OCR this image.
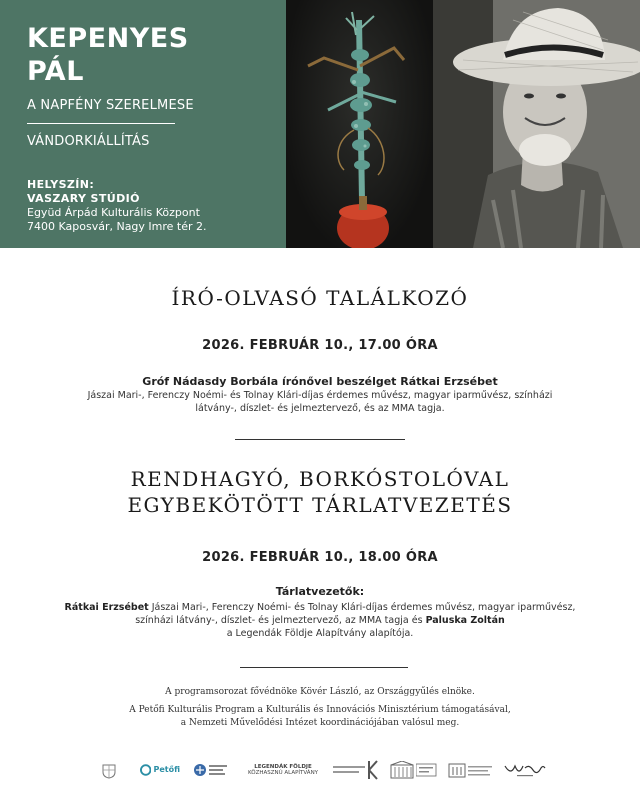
KEPENYES
PÁL
A NAPFÉNY SZERELMESE
VÁNDORKIÁLLÍTÁS
HELYSZÍN:
VASZARY STÚDIÓ
Együd Árpád Kulturális Központ
7400 Kaposvár, Nagy Imre tér 2.
ÍRÓ-OLVASÓ TALÁLKOZÓ
2026. FEBRUÁR 10., 17.00 ÓRA
Gróf Nádasdy Borbála írónővel beszélget Rátkai Erzsébet
Jászai Mari-, Ferenczy Noémi- és Tolnay Klári-díjas érdemes művész, magyar iparművész, színházi
látvány-, díszlet- és jelmeztervező, és az MMA tagja.
RENDHAGYÓ, BORKÓSTOLÓVAL
EGYBEKÖTÖTT TÁRLATVEZETÉS
2026. FEBRUÁR 10., 18.00 ÓRA
Tárlatvezetők:
Rátkai Erzsébet Jászai Mari-, Ferenczy Noémi- és Tolnay Klári-díjas érdemes művész, magyar iparművész, színházi látvány-, díszlet- és jelmeztervező, az MMA tagja és Paluska Zoltán
a Legendák Földje Alapítvány alapítója.
A programsorozat fővédnöke Kövér László, az Országgyűlés elnöke.
A Petőfi Kulturális Program a Kulturális és Innovációs Minisztérium támogatásával,
a Nemzeti Művelődési Intézet koordinációjában valósul meg.
Petőfi	LEGENDÁK FÖLDJE
KÖZHASZNÚ ALAPÍTVÁNY
